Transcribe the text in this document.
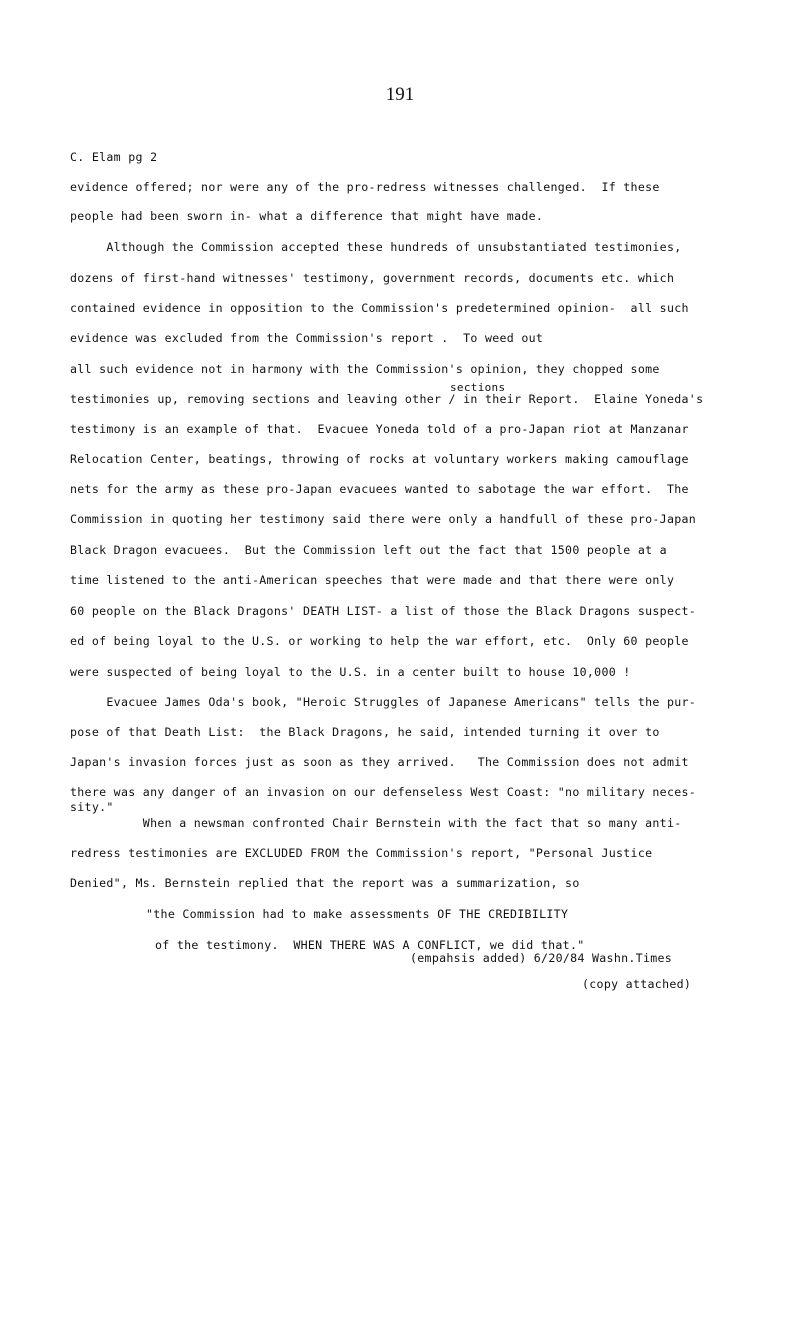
191
C. Elam pg 2
evidence offered; nor were any of the pro-redress witnesses challenged.  If these
people had been sworn in- what a difference that might have made.
Although the Commission accepted these hundreds of unsubstantiated testimonies,
dozens of first-hand witnesses' testimony, government records, documents etc. which
contained evidence in opposition to the Commission's predetermined opinion-  all such
evidence was excluded from the Commission's report .  To weed out
all such evidence not in harmony with the Commission's opinion, they chopped some
sections
testimonies up, removing sections and leaving other / in their Report.  Elaine Yoneda's
testimony is an example of that.  Evacuee Yoneda told of a pro-Japan riot at Manzanar
Relocation Center, beatings, throwing of rocks at voluntary workers making camouflage
nets for the army as these pro-Japan evacuees wanted to sabotage the war effort.  The
Commission in quoting her testimony said there were only a handfull of these pro-Japan
Black Dragon evacuees.  But the Commission left out the fact that 1500 people at a
time listened to the anti-American speeches that were made and that there were only
60 people on the Black Dragons' DEATH LIST- a list of those the Black Dragons suspect-
ed of being loyal to the U.S. or working to help the war effort, etc.  Only 60 people
were suspected of being loyal to the U.S. in a center built to house 10,000 !
Evacuee James Oda's book, "Heroic Struggles of Japanese Americans" tells the pur-
pose of that Death List:  the Black Dragons, he said, intended turning it over to
Japan's invasion forces just as soon as they arrived.   The Commission does not admit
there was any danger of an invasion on our defenseless West Coast: "no military neces-
sity."
When a newsman confronted Chair Bernstein with the fact that so many anti-
redress testimonies are EXCLUDED FROM the Commission's report, "Personal Justice
Denied", Ms. Bernstein replied that the report was a summarization, so
"the Commission had to make assessments OF THE CREDIBILITY
of the testimony.  WHEN THERE WAS A CONFLICT, we did that."
(empahsis added) 6/20/84 Washn.Times
(copy attached)
